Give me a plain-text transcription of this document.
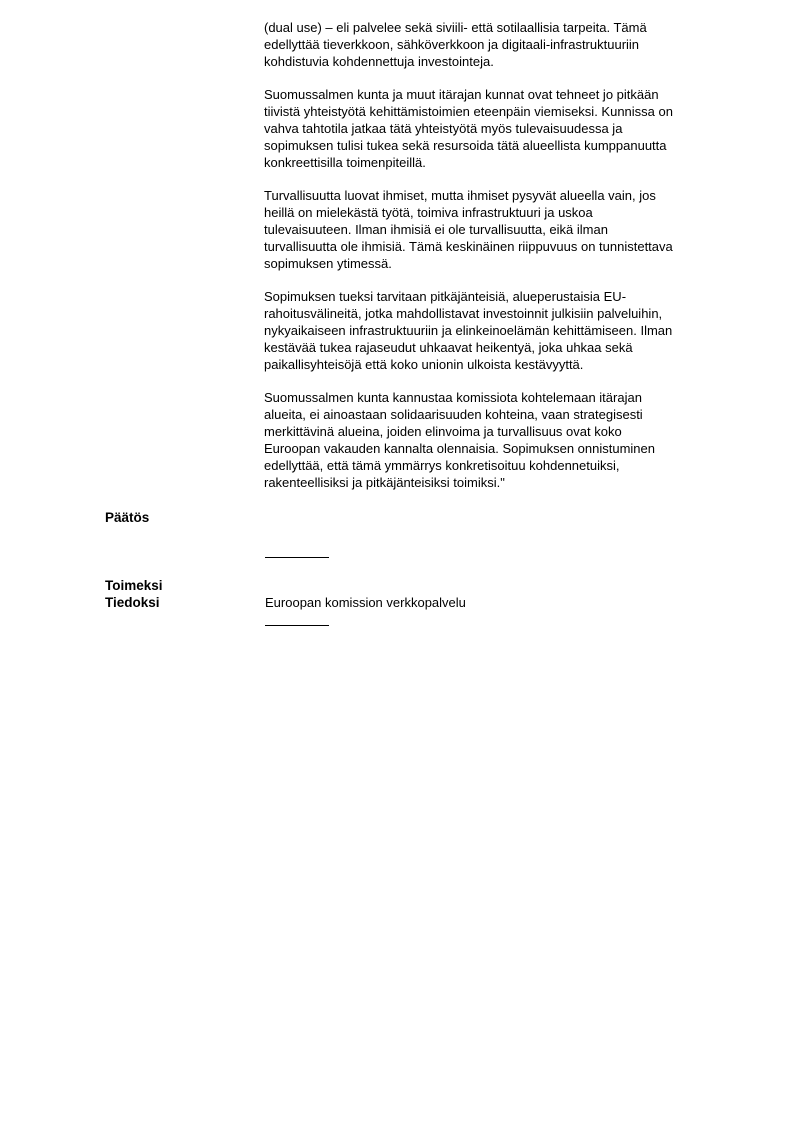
(dual use) – eli palvelee sekä siviili- että sotilaallisia tarpeita. Tämä
edellyttää tieverkkoon, sähköverkkoon ja digitaali-infrastruktuuriin
kohdistuvia kohdennettuja investointeja.

Suomussalmen kunta ja muut itärajan kunnat ovat tehneet jo pitkään
tiivistä yhteistyötä kehittämistoimien eteenpäin viemiseksi. Kunnissa on
vahva tahtotila jatkaa tätä yhteistyötä myös tulevaisuudessa ja
sopimuksen tulisi tukea sekä resursoida tätä alueellista kumppanuutta
konkreettisilla toimenpiteillä.

Turvallisuutta luovat ihmiset, mutta ihmiset pysyvät alueella vain, jos
heillä on mielekästä työtä, toimiva infrastruktuuri ja uskoa
tulevaisuuteen. Ilman ihmisiä ei ole turvallisuutta, eikä ilman
turvallisuutta ole ihmisiä. Tämä keskinäinen riippuvuus on tunnistettava
sopimuksen ytimessä.

Sopimuksen tueksi tarvitaan pitkäjänteisiä, alueperustaisia EU-
rahoitusvälineitä, jotka mahdollistavat investoinnit julkisiin palveluihin,
nykyaikaiseen infrastruktuuriin ja elinkeinoelämän kehittämiseen. Ilman
kestävää tukea rajaseudut uhkaavat heikentyä, joka uhkaa sekä
paikallisyhteisöjä että koko unionin ulkoista kestävyyttä.

Suomussalmen kunta kannustaa komissiota kohtelemaan itärajan
alueita, ei ainoastaan solidaarisuuden kohteina, vaan strategisesti
merkittävinä alueina, joiden elinvoima ja turvallisuus ovat koko
Euroopan vakauden kannalta olennaisia. Sopimuksen onnistuminen
edellyttää, että tämä ymmärrys konkretisoituu kohdennetuiksi,
rakenteellisiksi ja pitkäjänteisiksi toimiksi."

Päätös

Toimeksi

Tiedoksi	Euroopan komission verkkopalvelu
